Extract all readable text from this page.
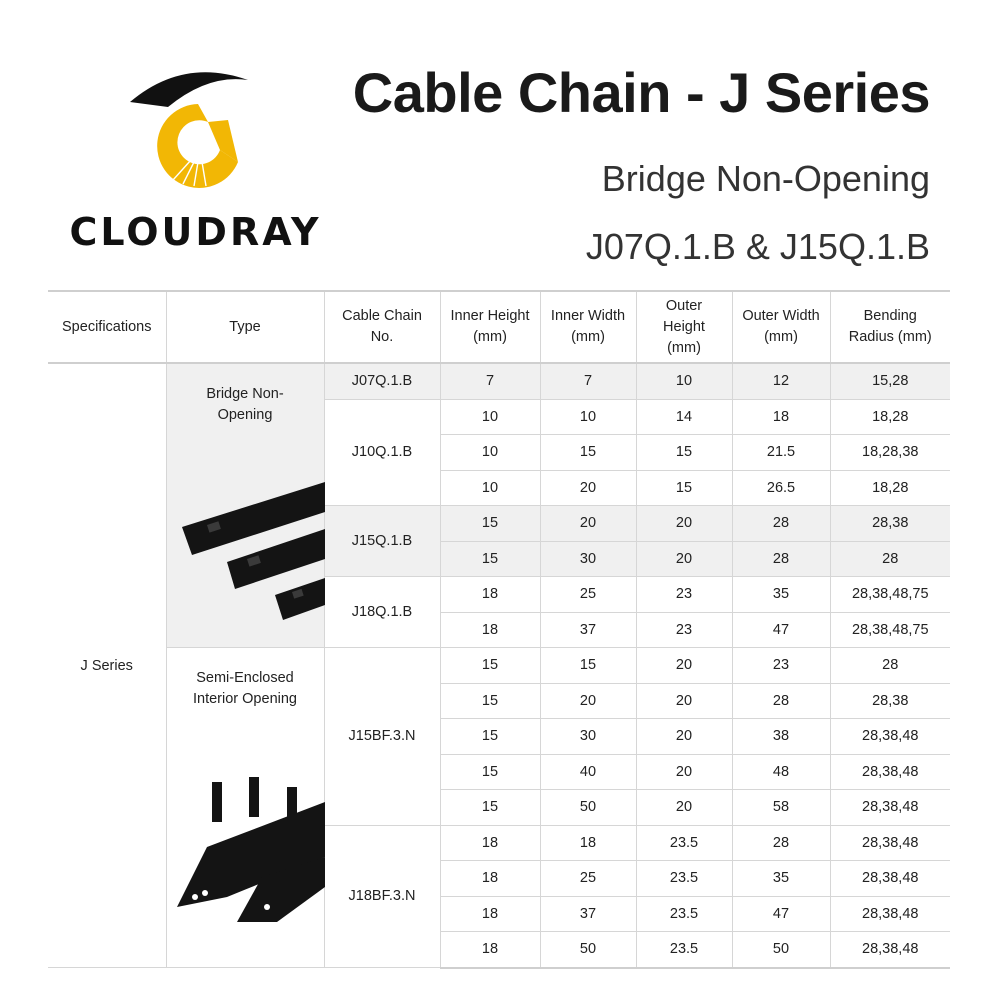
CLOUDRAY
Cable Chain - J Series
Bridge Non-Opening
J07Q.1.B & J15Q.1.B
Specifications	Type	Cable Chain No.	Inner Height (mm)	Inner Width (mm)	Outer Height (mm)	Outer Width (mm)	Bending Radius (mm)
J Series	Bridge Non-Opening	J07Q.1.B	7	7	10	12	15,28
		J10Q.1.B	10	10	14	18	18,28
			10	15	15	21.5	18,28,38
			10	20	15	26.5	18,28
		J15Q.1.B	15	20	20	28	28,38
			15	30	20	28	28
		J18Q.1.B	18	25	23	35	28,38,48,75
			18	37	23	47	28,38,48,75

	Semi-Enclosed Interior Opening	J15BF.3.N	15	15	20	23	28
			15	20	20	28	28,38
			15	30	20	38	28,38,48
			15	40	20	48	28,38,48
			15	50	20	58	28,38,48
		J18BF.3.N	18	18	23.5	28	28,38,48
			18	25	23.5	35	28,38,48
			18	37	23.5	47	28,38,48
			18	50	23.5	50	28,38,48
